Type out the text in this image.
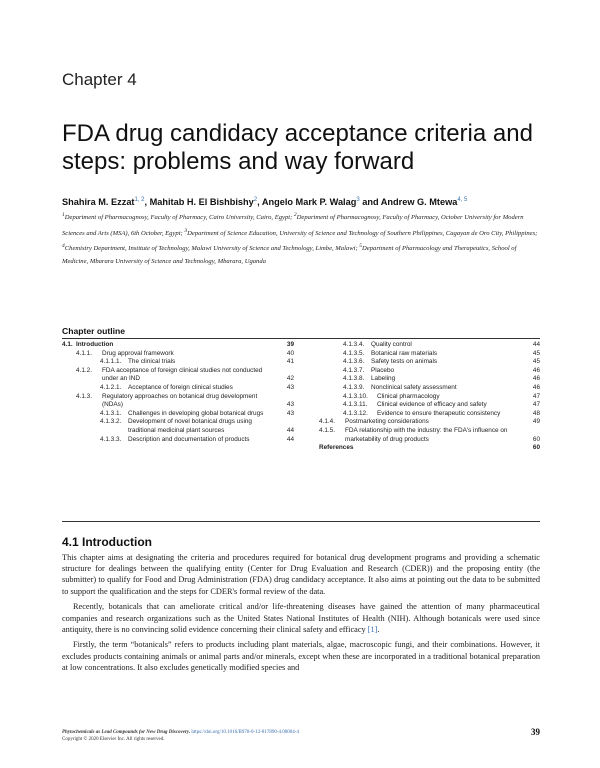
Chapter 4
FDA drug candidacy acceptance criteria and steps: problems and way forward
Shahira M. Ezzat$^{1, 2}$, Mahitab H. El Bishbishy$^2$, Angelo Mark P. Walag$^3$ and Andrew G. Mtewa$^{4, 5}$
$^1$Department of Pharmacognosy, Faculty of Pharmacy, Cairo University, Cairo, Egypt; $^2$Department of Pharmacognosy, Faculty of Pharmacy, October University for Modern Sciences and Arts (MSA), 6th October, Egypt; $^3$Department of Science Education, University of Science and Technology of Southern Philippines, Cagayan de Oro City, Philippines; $^4$Chemistry Department, Institute of Technology, Malawi University of Science and Technology, Limbe, Malawi; $^5$Department of Pharmacology and Therapeutics, School of Medicine, Mbarara University of Science and Technology, Mbarara, Uganda
Chapter outline
4.1. Introduction	39
4.1.1.	Drug approval framework	40
4.1.1.1.	The clinical trials	41
4.1.2.	FDA acceptance of foreign clinical studies not conducted under an IND	42
4.1.2.1.	Acceptance of foreign clinical studies	43
4.1.3.	Regulatory approaches on botanical drug development (NDAs)	43
4.1.3.1.	Challenges in developing global botanical drugs	43
4.1.3.2.	Development of novel botanical drugs using traditional medicinal plant sources	44
4.1.3.3.	Description and documentation of products	44
4.1.3.4.	Quality control	44
4.1.3.5.	Botanical raw materials	45
4.1.3.6.	Safety tests on animals	45
4.1.3.7.	Placebo	46
4.1.3.8.	Labeling	46
4.1.3.9.	Nonclinical safety assessment	46
4.1.3.10.	Clinical pharmacology	47
4.1.3.11.	Clinical evidence of efficacy and safety	47
4.1.3.12.	Evidence to ensure therapeutic consistency	48
4.1.4.	Postmarketing considerations	49
4.1.5.	FDA relationship with the industry: the FDA's influence on marketability of drug products	60
References	60
4.1 Introduction

This chapter aims at designating the criteria and procedures required for botanical drug development programs and providing a schematic structure for dealings between the qualifying entity (Center for Drug Evaluation and Research (CDER)) and the proposing entity (the submitter) to qualify for Food and Drug Administration (FDA) drug candidacy acceptance. It also aims at pointing out the data to be submitted to support the qualification and the steps for CDER's formal review of the data.

Recently, botanicals that can ameliorate critical and/or life-threatening diseases have gained the attention of many pharmaceutical companies and research organizations such as the United States National Institutes of Health (NIH). Although botanicals were used since antiquity, there is no convincing solid evidence concerning their clinical safety and efficacy [1].

Firstly, the term “botanicals” refers to products including plant materials, algae, macroscopic fungi, and their combinations. However, it excludes products containing animals or animal parts and/or minerals, except when these are incorporated in a traditional botanical preparation at low concentrations. It also excludes genetically modified species and

Phytochemicals as Lead Compounds for New Drug Discovery. https://doi.org/10.1016/B978-0-12-817890-4.00004-4
Copyright © 2020 Elsevier Inc. All rights reserved.
39
